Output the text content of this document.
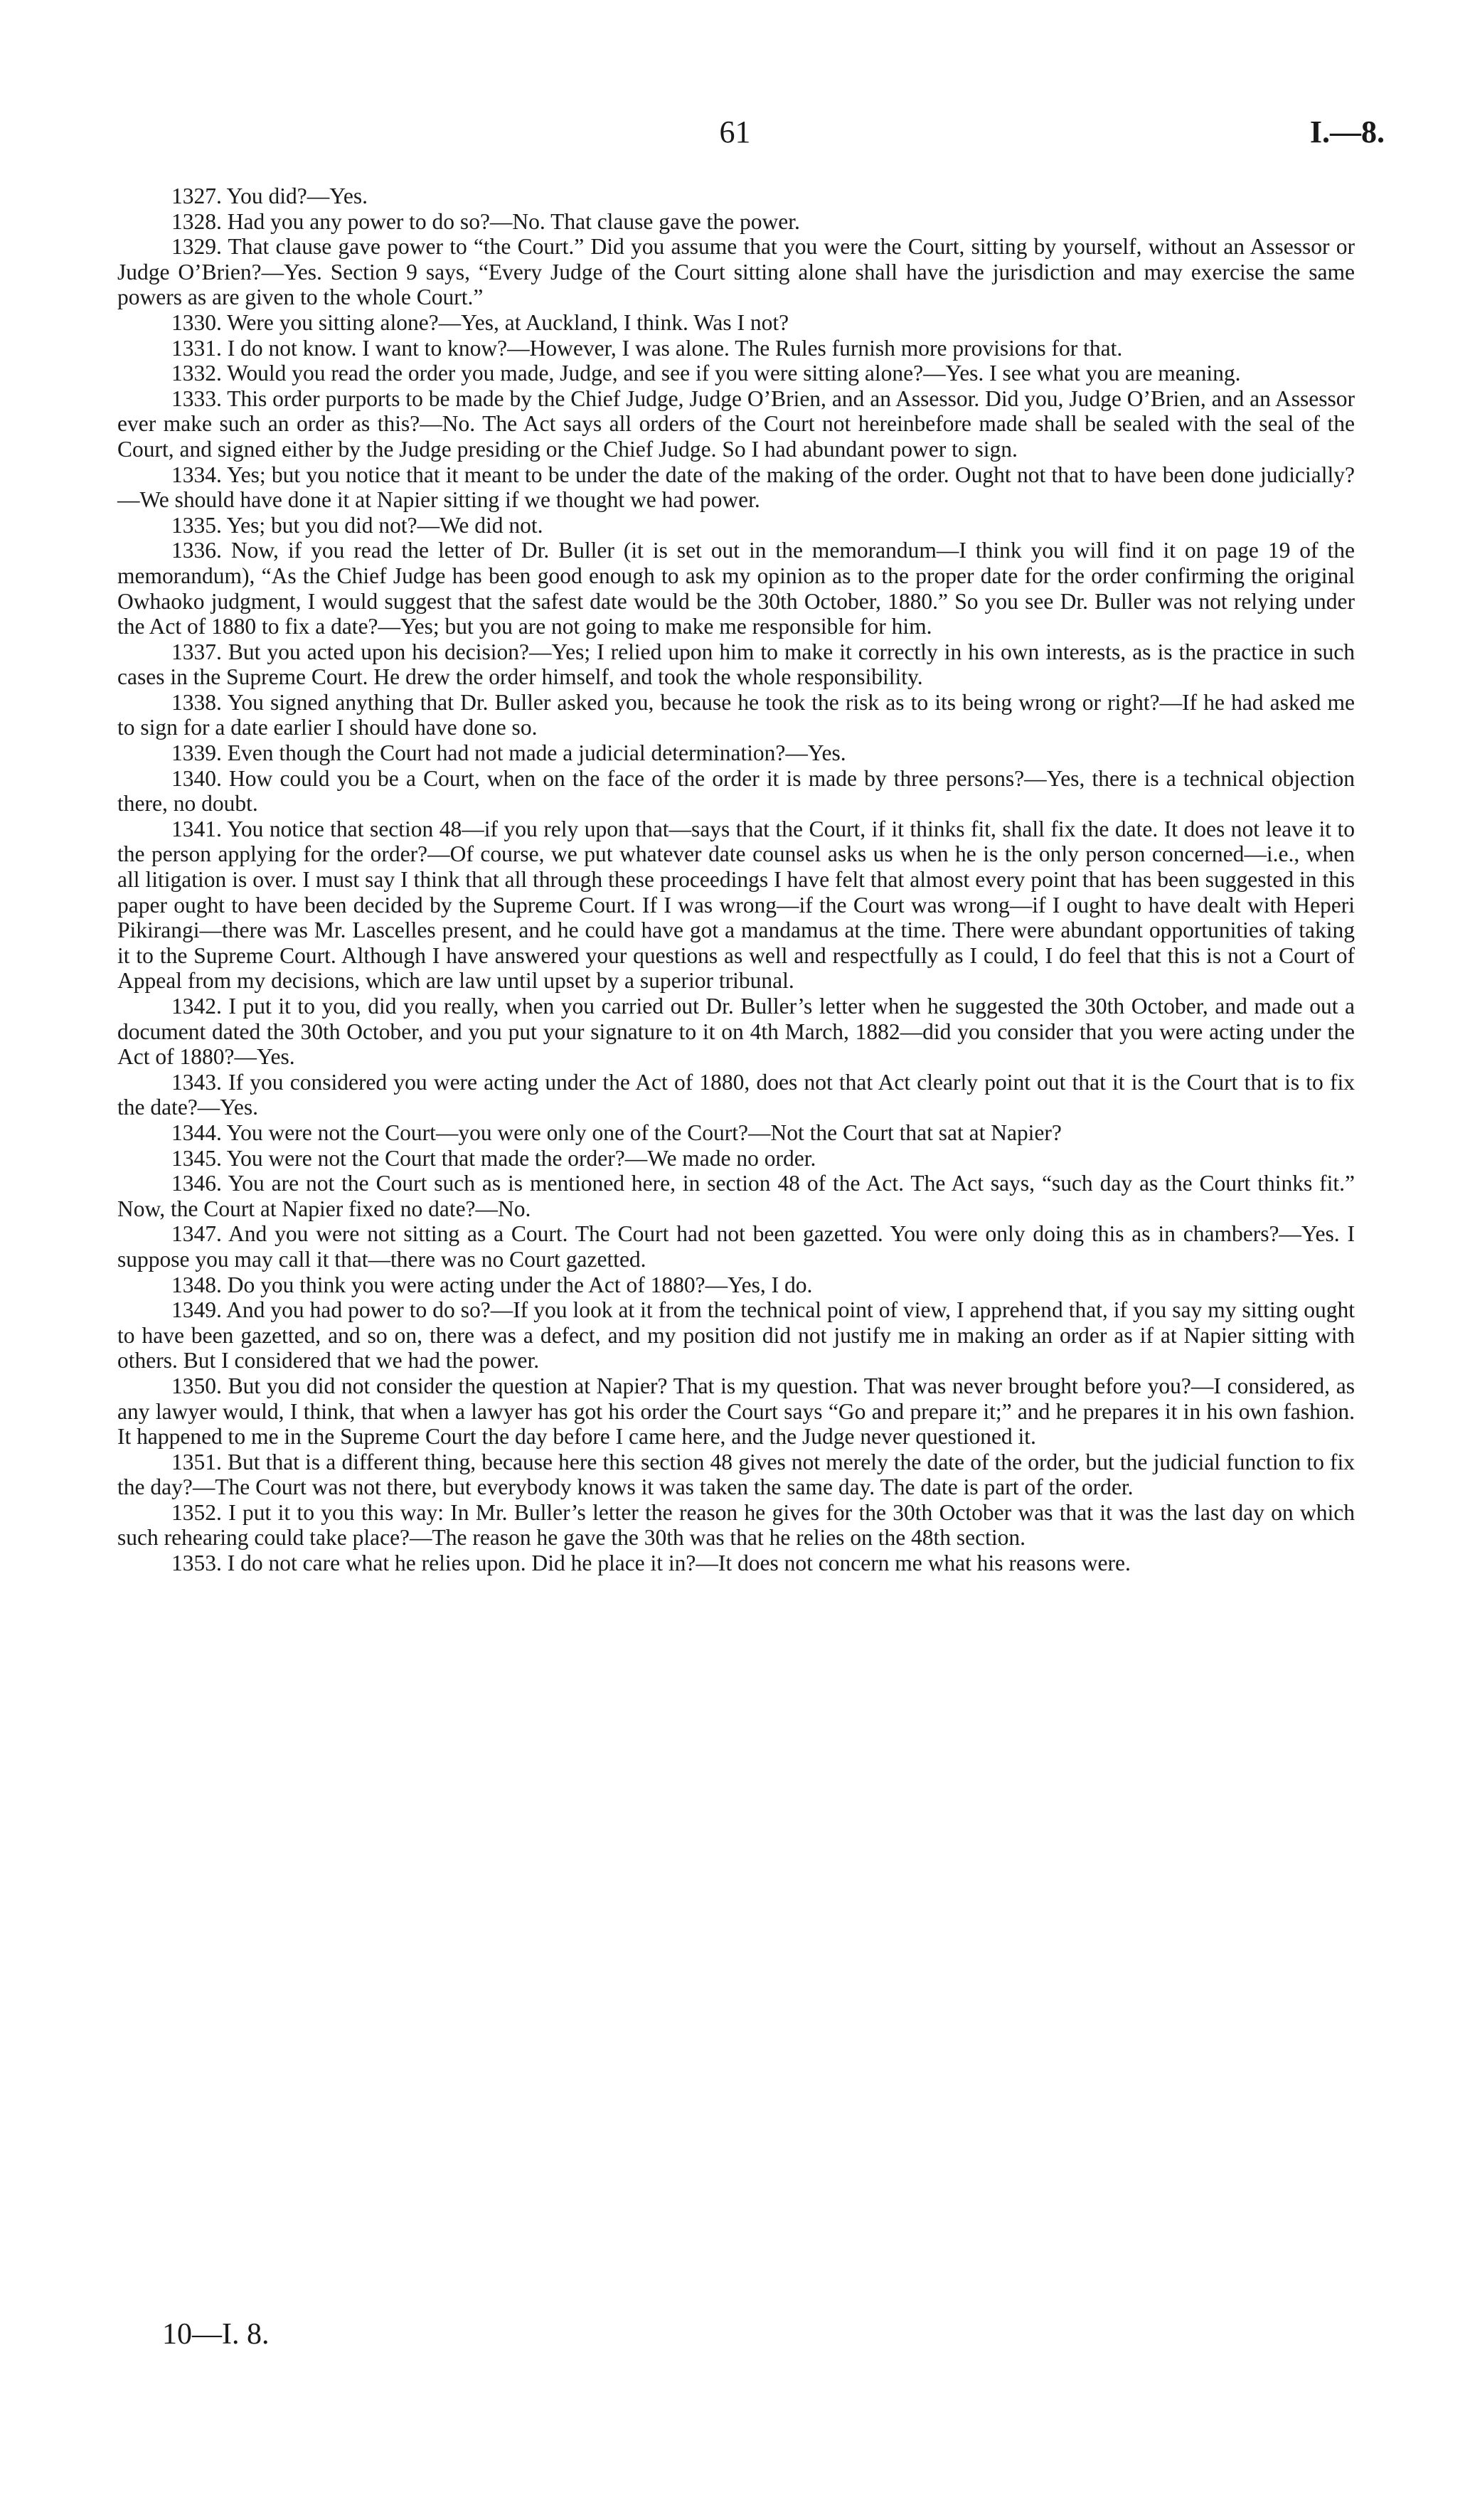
61	I.—8.

1327. You did?—Yes.

1328. Had you any power to do so?—No. That clause gave the power.

1329. That clause gave power to “the Court.” Did you assume that you were the Court, sitting by yourself, without an Assessor or Judge O’Brien?—Yes. Section 9 says, “Every Judge of the Court sitting alone shall have the jurisdiction and may exercise the same powers as are given to the whole Court.”

1330. Were you sitting alone?—Yes, at Auckland, I think. Was I not?

1331. I do not know. I want to know?—However, I was alone. The Rules furnish more provisions for that.

1332. Would you read the order you made, Judge, and see if you were sitting alone?—Yes. I see what you are meaning.

1333. This order purports to be made by the Chief Judge, Judge O’Brien, and an Assessor. Did you, Judge O’Brien, and an Assessor ever make such an order as this?—No. The Act says all orders of the Court not hereinbefore made shall be sealed with the seal of the Court, and signed either by the Judge presiding or the Chief Judge. So I had abundant power to sign.

1334. Yes; but you notice that it meant to be under the date of the making of the order. Ought not that to have been done judicially?—We should have done it at Napier sitting if we thought we had power.

1335. Yes; but you did not?—We did not.

1336. Now, if you read the letter of Dr. Buller (it is set out in the memorandum—I think you will find it on page 19 of the memorandum), “As the Chief Judge has been good enough to ask my opinion as to the proper date for the order confirming the original Owhaoko judgment, I would suggest that the safest date would be the 30th October, 1880.” So you see Dr. Buller was not relying under the Act of 1880 to fix a date?—Yes; but you are not going to make me responsible for him.

1337. But you acted upon his decision?—Yes; I relied upon him to make it correctly in his own interests, as is the practice in such cases in the Supreme Court. He drew the order himself, and took the whole responsibility.

1338. You signed anything that Dr. Buller asked you, because he took the risk as to its being wrong or right?—If he had asked me to sign for a date earlier I should have done so.

1339. Even though the Court had not made a judicial determination?—Yes.

1340. How could you be a Court, when on the face of the order it is made by three persons?—Yes, there is a technical objection there, no doubt.

1341. You notice that section 48—if you rely upon that—says that the Court, if it thinks fit, shall fix the date. It does not leave it to the person applying for the order?—Of course, we put whatever date counsel asks us when he is the only person concerned—i.e., when all litigation is over. I must say I think that all through these proceedings I have felt that almost every point that has been suggested in this paper ought to have been decided by the Supreme Court. If I was wrong—if the Court was wrong—if I ought to have dealt with Heperi Pikirangi—there was Mr. Lascelles present, and he could have got a mandamus at the time. There were abundant opportunities of taking it to the Supreme Court. Although I have answered your questions as well and respectfully as I could, I do feel that this is not a Court of Appeal from my decisions, which are law until upset by a superior tribunal.

1342. I put it to you, did you really, when you carried out Dr. Buller’s letter when he suggested the 30th October, and made out a document dated the 30th October, and you put your signature to it on 4th March, 1882—did you consider that you were acting under the Act of 1880?—Yes.

1343. If you considered you were acting under the Act of 1880, does not that Act clearly point out that it is the Court that is to fix the date?—Yes.

1344. You were not the Court—you were only one of the Court?—Not the Court that sat at Napier?

1345. You were not the Court that made the order?—We made no order.

1346. You are not the Court such as is mentioned here, in section 48 of the Act. The Act says, “such day as the Court thinks fit.” Now, the Court at Napier fixed no date?—No.

1347. And you were not sitting as a Court. The Court had not been gazetted. You were only doing this as in chambers?—Yes. I suppose you may call it that—there was no Court gazetted.

1348. Do you think you were acting under the Act of 1880?—Yes, I do.

1349. And you had power to do so?—If you look at it from the technical point of view, I apprehend that, if you say my sitting ought to have been gazetted, and so on, there was a defect, and my position did not justify me in making an order as if at Napier sitting with others. But I considered that we had the power.

1350. But you did not consider the question at Napier? That is my question. That was never brought before you?—I considered, as any lawyer would, I think, that when a lawyer has got his order the Court says “Go and prepare it;” and he prepares it in his own fashion. It happened to me in the Supreme Court the day before I came here, and the Judge never questioned it.

1351. But that is a different thing, because here this section 48 gives not merely the date of the order, but the judicial function to fix the day?—The Court was not there, but everybody knows it was taken the same day. The date is part of the order.

1352. I put it to you this way: In Mr. Buller’s letter the reason he gives for the 30th October was that it was the last day on which such rehearing could take place?—The reason he gave the 30th was that he relies on the 48th section.

1353. I do not care what he relies upon. Did he place it in?—It does not concern me what his reasons were.

10—I. 8.
